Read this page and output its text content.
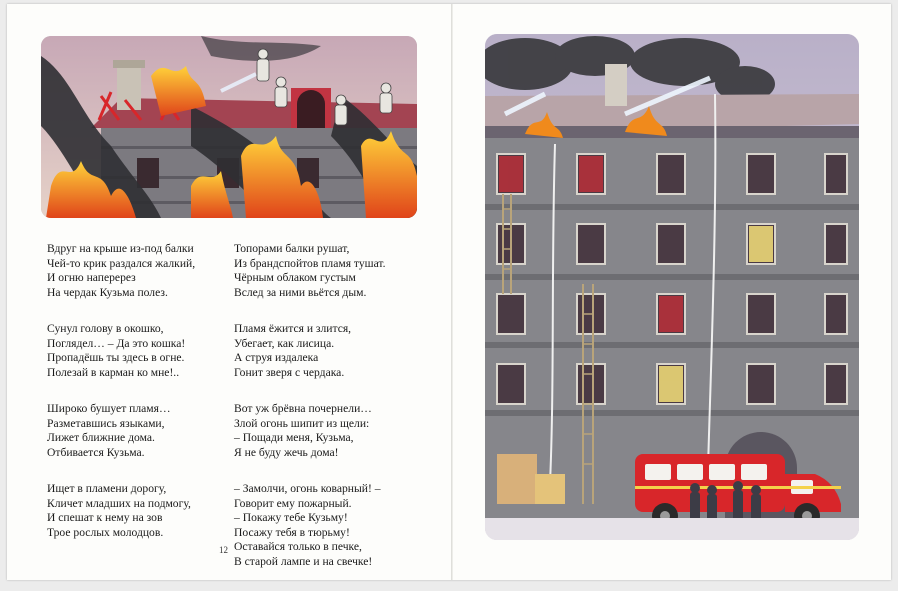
Вдруг на крыше из-под балки
Чей-то крик раздался жалкий,
И огню наперерез
На чердак Кузьма полез.
Сунул голову в окошко,
Поглядел… – Да это кошка!
Пропадёшь ты здесь в огне.
Полезай в карман ко мне!..
Широко бушует пламя…
Разметавшись языками,
Лижет ближние дома.
Отбивается Кузьма.
Ищет в пламени дорогу,
Кличет младших на подмогу,
И спешат к нему на зов
Трое рослых молодцов.
Топорами балки рушат,
Из брандспойтов пламя тушат.
Чёрным облаком густым
Вслед за ними вьётся дым.
Пламя ёжится и злится,
Убегает, как лисица.
А струя издалека
Гонит зверя с чердака.
Вот уж брёвна почернели…
Злой огонь шипит из щели:
– Пощади меня, Кузьма,
Я не буду жечь дома!
– Замолчи, огонь коварный! –
Говорит ему пожарный.
– Покажу тебе Кузьму!
Посажу тебя в тюрьму!
Оставайся только в печке,
В старой лампе и на свечке!
12
